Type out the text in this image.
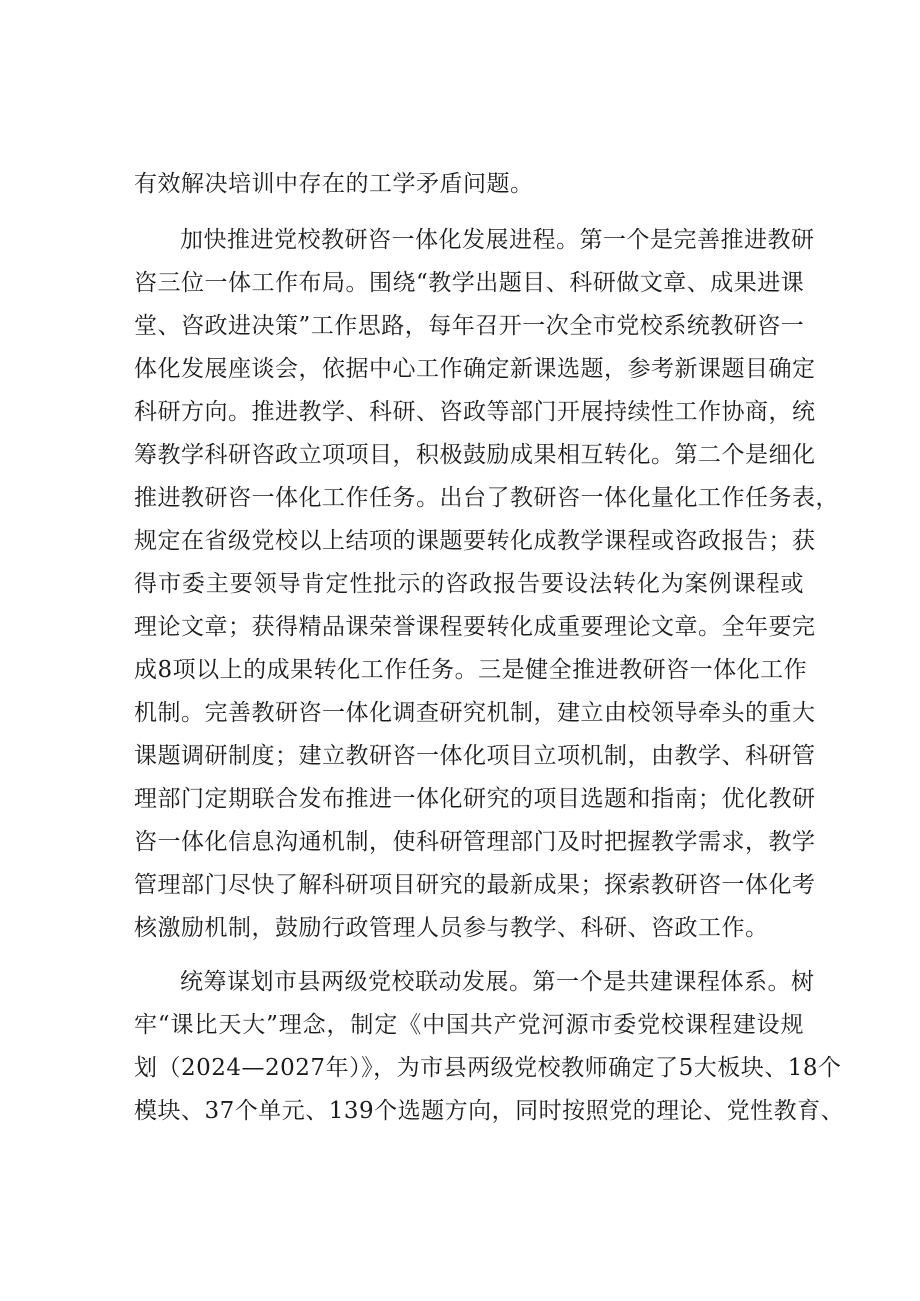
有效解决培训中存在的工学矛盾问题。
加快推进党校教研咨一体化发展进程。第一个是完善推进教研
咨三位一体工作布局。围绕“教学出题目、科研做文章、成果进课
堂、咨政进决策”工作思路，每年召开一次全市党校系统教研咨一
体化发展座谈会，依据中心工作确定新课选题，参考新课题目确定
科研方向。推进教学、科研、咨政等部门开展持续性工作协商，统
筹教学科研咨政立项项目，积极鼓励成果相互转化。第二个是细化
推进教研咨一体化工作任务。出台了教研咨一体化量化工作任务表，
规定在省级党校以上结项的课题要转化成教学课程或咨政报告；获
得市委主要领导肯定性批示的咨政报告要设法转化为案例课程或
理论文章；获得精品课荣誉课程要转化成重要理论文章。全年要完
成8项以上的成果转化工作任务。三是健全推进教研咨一体化工作
机制。完善教研咨一体化调查研究机制，建立由校领导牵头的重大
课题调研制度；建立教研咨一体化项目立项机制，由教学、科研管
理部门定期联合发布推进一体化研究的项目选题和指南；优化教研
咨一体化信息沟通机制，使科研管理部门及时把握教学需求，教学
管理部门尽快了解科研项目研究的最新成果；探索教研咨一体化考
核激励机制，鼓励行政管理人员参与教学、科研、咨政工作。
统筹谋划市县两级党校联动发展。第一个是共建课程体系。树
牢“课比天大”理念，制定《中国共产党河源市委党校课程建设规
划（2024—2027年）》，为市县两级党校教师确定了5大板块、18个
模块、37个单元、139个选题方向，同时按照党的理论、党性教育、
